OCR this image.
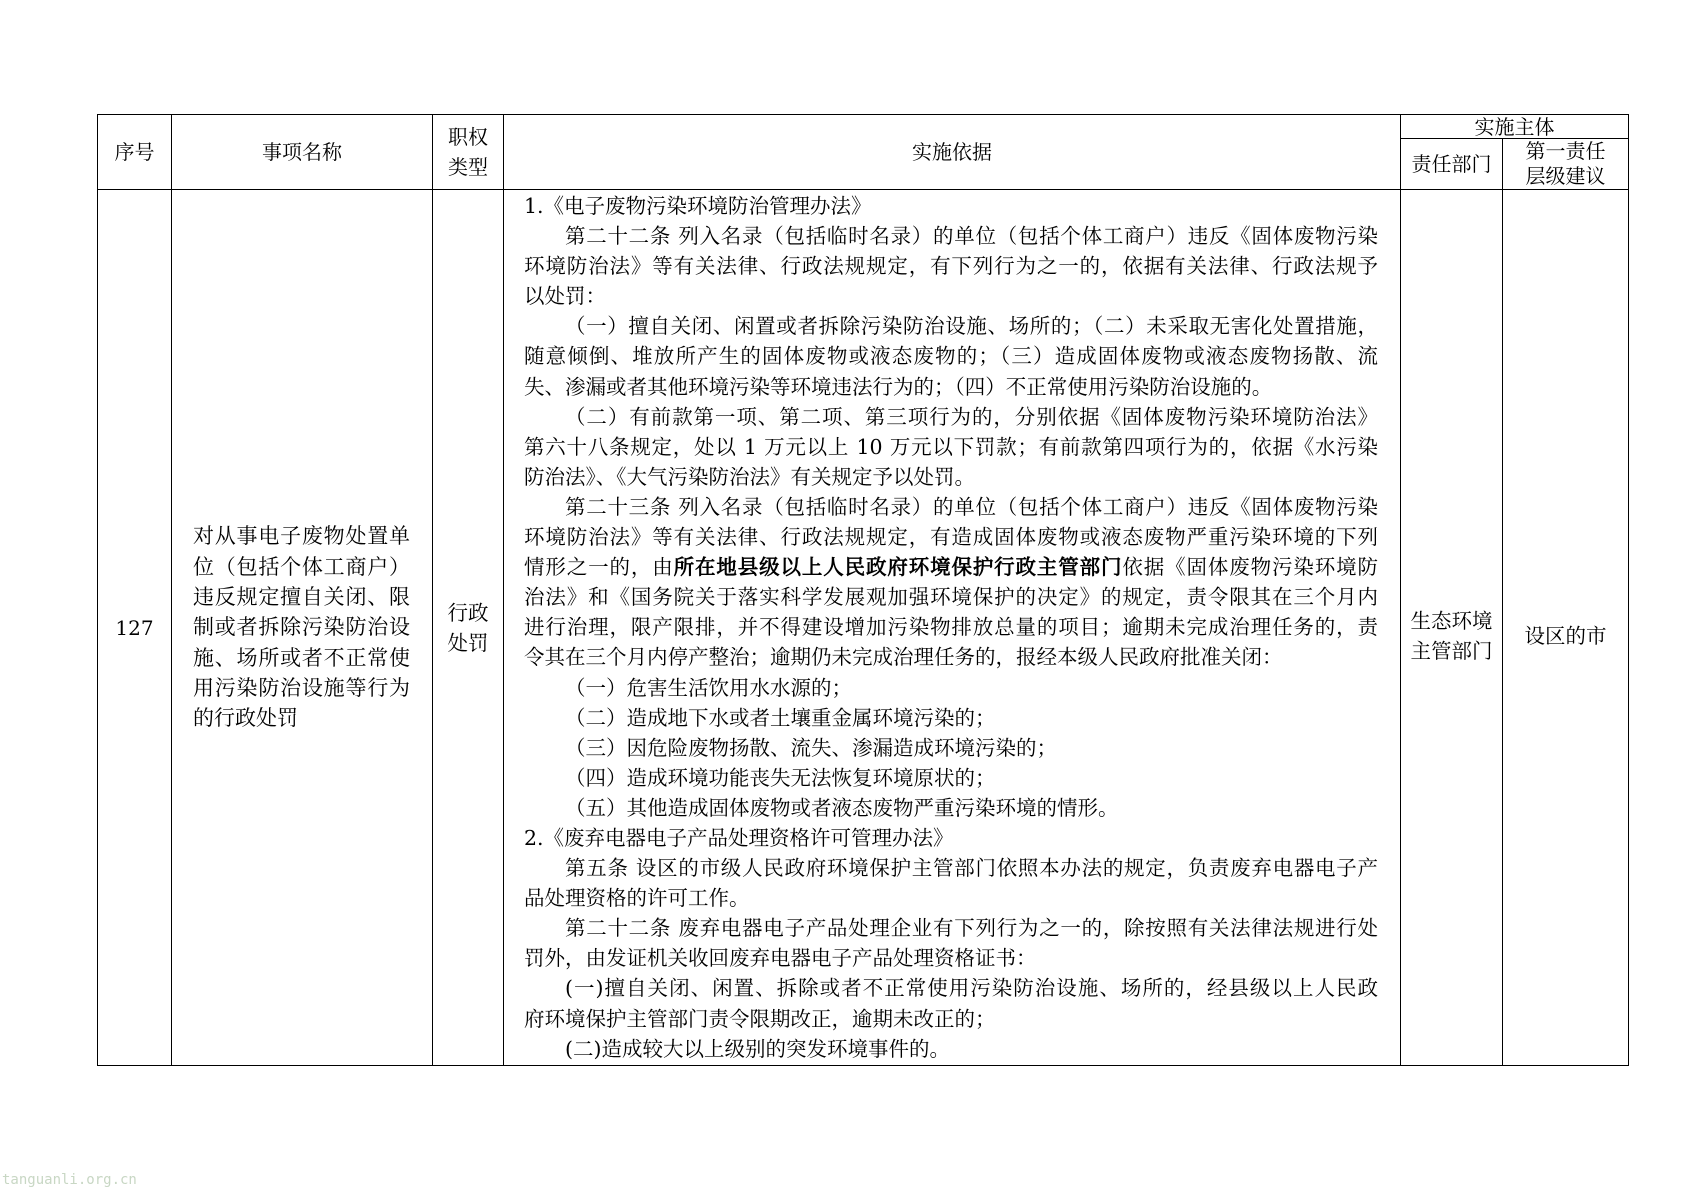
序号	事项名称
职权
类型
实施依据
实施主体
责任部门
第一责任
层级建议
127
对从事电子废物处置单
位（包括个体工商户）
违反规定擅自关闭、限
制或者拆除污染防治设
施、场所或者不正常使
用污染防治设施等行为
的行政处罚
行政
处罚
1.《电子废物污染环境防治管理办法》
第二十二条 列入名录（包括临时名录）的单位（包括个体工商户）违反《固体废物污染
环境防治法》等有关法律、行政法规规定，有下列行为之一的，依据有关法律、行政法规予
以处罚：
（一）擅自关闭、闲置或者拆除污染防治设施、场所的；（二）未采取无害化处置措施，
随意倾倒、堆放所产生的固体废物或液态废物的；（三）造成固体废物或液态废物扬散、流
失、渗漏或者其他环境污染等环境违法行为的；（四）不正常使用污染防治设施的。
（二）有前款第一项、第二项、第三项行为的，分别依据《固体废物污染环境防治法》
第六十八条规定，处以 1 万元以上 10 万元以下罚款；有前款第四项行为的，依据《水污染
防治法》、《大气污染防治法》有关规定予以处罚。
第二十三条 列入名录（包括临时名录）的单位（包括个体工商户）违反《固体废物污染
环境防治法》等有关法律、行政法规规定，有造成固体废物或液态废物严重污染环境的下列
情形之一的，由所在地县级以上人民政府环境保护行政主管部门依据《固体废物污染环境防
治法》和《国务院关于落实科学发展观加强环境保护的决定》的规定，责令限其在三个月内
进行治理，限产限排，并不得建设增加污染物排放总量的项目；逾期未完成治理任务的，责
令其在三个月内停产整治；逾期仍未完成治理任务的，报经本级人民政府批准关闭：
（一）危害生活饮用水水源的；
（二）造成地下水或者土壤重金属环境污染的；
（三）因危险废物扬散、流失、渗漏造成环境污染的；
（四）造成环境功能丧失无法恢复环境原状的；
（五）其他造成固体废物或者液态废物严重污染环境的情形。
2.《废弃电器电子产品处理资格许可管理办法》
第五条 设区的市级人民政府环境保护主管部门依照本办法的规定，负责废弃电器电子产
品处理资格的许可工作。
第二十二条 废弃电器电子产品处理企业有下列行为之一的，除按照有关法律法规进行处
罚外，由发证机关收回废弃电器电子产品处理资格证书：
(一)擅自关闭、闲置、拆除或者不正常使用污染防治设施、场所的，经县级以上人民政
府环境保护主管部门责令限期改正，逾期未改正的；
(二)造成较大以上级别的突发环境事件的。
生态环境
主管部门
设区的市
tanguanli.org.cn
